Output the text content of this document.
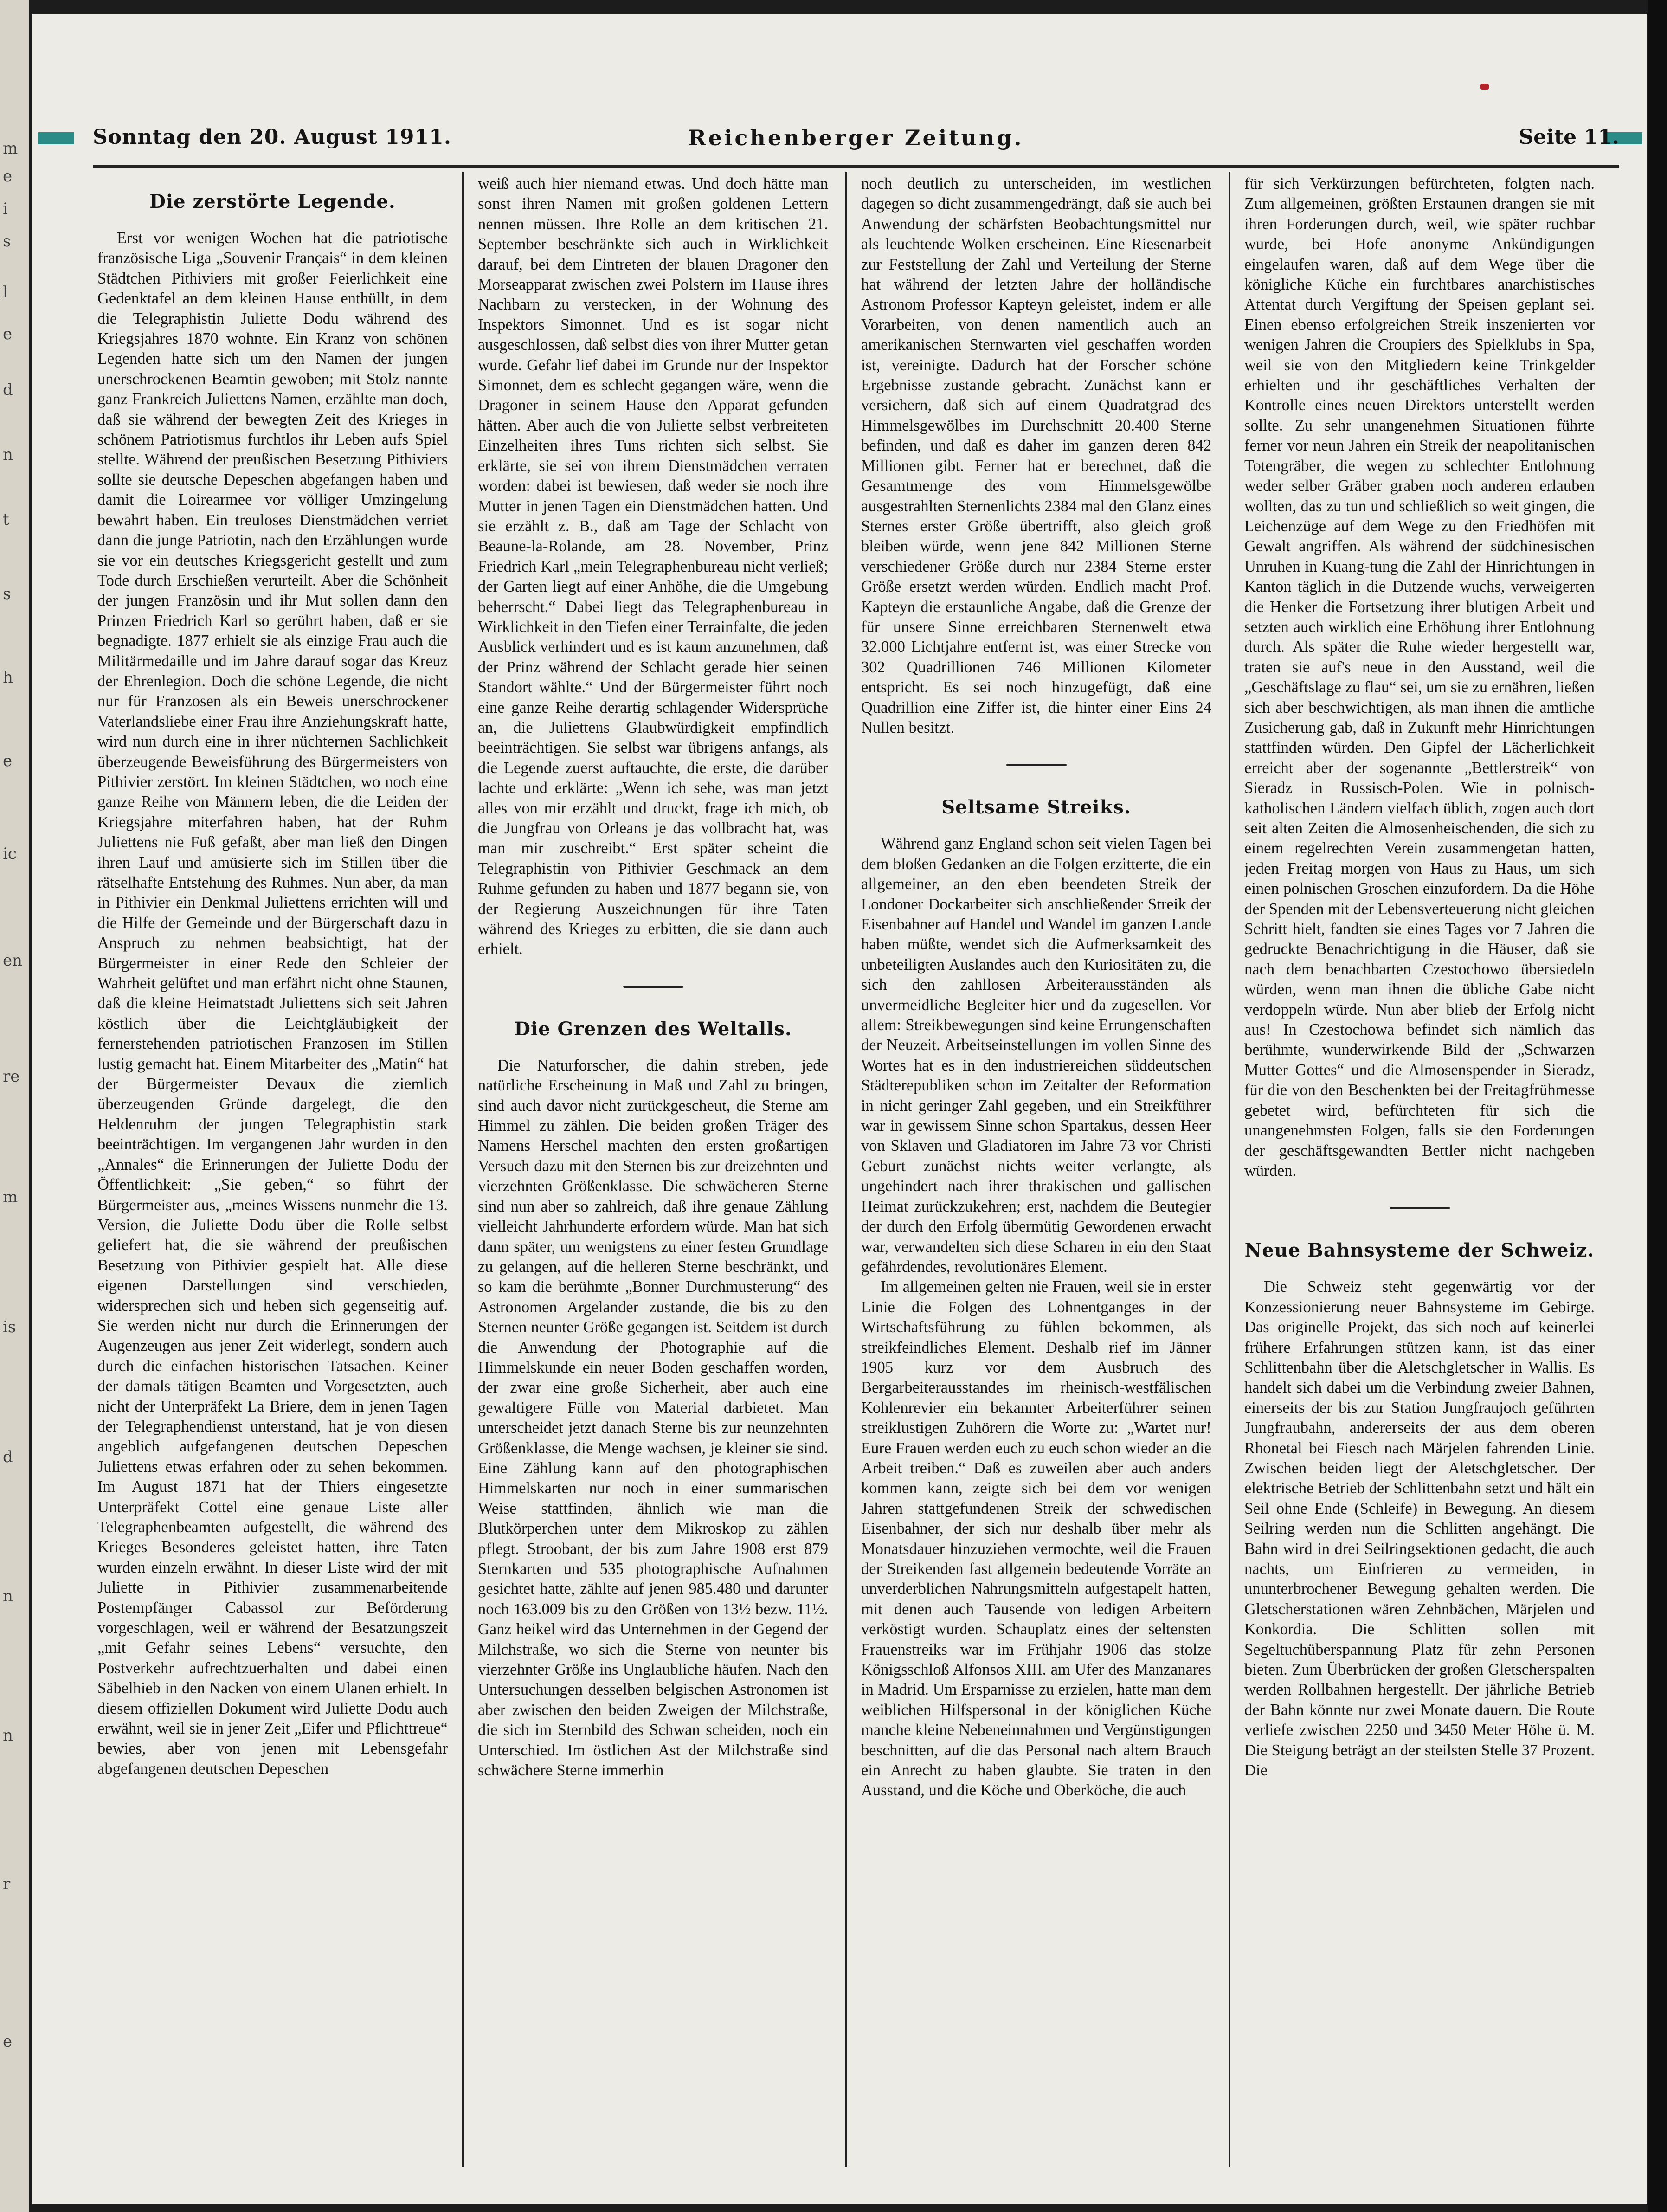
m
e
i
s
l
e
d
n
t
s
h
e
ic
en
re
m
is
d
n
n
r
e
Sonntag den 20. August 1911.	Reichenberger Zeitung.	Seite 11.
Die zerstörte Legende.

Erst vor wenigen Wochen hat die patriotische französische Liga „Souvenir Français“ in dem kleinen Städtchen Pithiviers mit großer Feierlichkeit eine Gedenktafel an dem kleinen Hause enthüllt, in dem die Telegraphistin Juliette Dodu während des Kriegsjahres 1870 wohnte. Ein Kranz von schönen Legenden hatte sich um den Namen der jungen unerschrockenen Beamtin gewoben; mit Stolz nannte ganz Frankreich Juliettens Namen, erzählte man doch, daß sie während der bewegten Zeit des Krieges in schönem Patriotismus furchtlos ihr Leben aufs Spiel stellte. Während der preußischen Besetzung Pithiviers sollte sie deutsche Depeschen abgefangen haben und damit die Loirearmee vor völliger Umzingelung bewahrt haben. Ein treuloses Dienstmädchen verriet dann die junge Patriotin, nach den Erzählungen wurde sie vor ein deutsches Kriegsgericht gestellt und zum Tode durch Erschießen verurteilt. Aber die Schönheit der jungen Französin und ihr Mut sollen dann den Prinzen Friedrich Karl so gerührt haben, daß er sie begnadigte. 1877 erhielt sie als einzige Frau auch die Militärmedaille und im Jahre darauf sogar das Kreuz der Ehrenlegion. Doch die schöne Legende, die nicht nur für Franzosen als ein Beweis unerschrockener Vaterlandsliebe einer Frau ihre Anziehungskraft hatte, wird nun durch eine in ihrer nüchternen Sachlichkeit überzeugende Beweisführung des Bürgermeisters von Pithivier zerstört. Im kleinen Städtchen, wo noch eine ganze Reihe von Männern leben, die die Leiden der Kriegsjahre miterfahren haben, hat der Ruhm Juliettens nie Fuß gefaßt, aber man ließ den Dingen ihren Lauf und amüsierte sich im Stillen über die rätselhafte Entstehung des Ruhmes. Nun aber, da man in Pithivier ein Denkmal Juliettens errichten will und die Hilfe der Gemeinde und der Bürgerschaft dazu in Anspruch zu nehmen beabsichtigt, hat der Bürgermeister in einer Rede den Schleier der Wahrheit gelüftet und man erfährt nicht ohne Staunen, daß die kleine Heimatstadt Juliettens sich seit Jahren köstlich über die Leichtgläubigkeit der fernerstehenden patriotischen Franzosen im Stillen lustig gemacht hat. Einem Mitarbeiter des „Matin“ hat der Bürgermeister Devaux die ziemlich überzeugenden Gründe dargelegt, die den Heldenruhm der jungen Telegraphistin stark beeinträchtigen. Im vergangenen Jahr wurden in den „Annales“ die Erinnerungen der Juliette Dodu der Öffentlichkeit: „Sie geben,“ so führt der Bürgermeister aus, „meines Wissens nunmehr die 13. Version, die Juliette Dodu über die Rolle selbst geliefert hat, die sie während der preußischen Besetzung von Pithivier gespielt hat. Alle diese eigenen Darstellungen sind verschieden, widersprechen sich und heben sich gegenseitig auf. Sie werden nicht nur durch die Erinnerungen der Augenzeugen aus jener Zeit widerlegt, sondern auch durch die einfachen historischen Tatsachen. Keiner der damals tätigen Beamten und Vorgesetzten, auch nicht der Unterpräfekt La Briere, dem in jenen Tagen der Telegraphendienst unterstand, hat je von diesen angeblich aufgefangenen deutschen Depeschen Juliettens etwas erfahren oder zu sehen bekommen. Im August 1871 hat der Thiers eingesetzte Unterpräfekt Cottel eine genaue Liste aller Telegraphenbeamten aufgestellt, die während des Krieges Besonderes geleistet hatten, ihre Taten wurden einzeln erwähnt. In dieser Liste wird der mit Juliette in Pithivier zusammenarbeitende Postempfänger Cabassol zur Beförderung vorgeschlagen, weil er während der Besatzungszeit „mit Gefahr seines Lebens“ versuchte, den Postverkehr aufrechtzuerhalten und dabei einen Säbelhieb in den Nacken von einem Ulanen erhielt. In diesem offiziellen Dokument wird Juliette Dodu auch erwähnt, weil sie in jener Zeit „Eifer und Pflichttreue“ bewies, aber von jenen mit Lebensgefahr abgefangenen deutschen Depeschen

weiß auch hier niemand etwas. Und doch hätte man sonst ihren Namen mit großen goldenen Lettern nennen müssen. Ihre Rolle an dem kritischen 21. September beschränkte sich auch in Wirklichkeit darauf, bei dem Eintreten der blauen Dragoner den Morseapparat zwischen zwei Polstern im Hause ihres Nachbarn zu verstecken, in der Wohnung des Inspektors Simonnet. Und es ist sogar nicht ausgeschlossen, daß selbst dies von ihrer Mutter getan wurde. Gefahr lief dabei im Grunde nur der Inspektor Simonnet, dem es schlecht gegangen wäre, wenn die Dragoner in seinem Hause den Apparat gefunden hätten. Aber auch die von Juliette selbst verbreiteten Einzelheiten ihres Tuns richten sich selbst. Sie erklärte, sie sei von ihrem Dienstmädchen verraten worden: dabei ist bewiesen, daß weder sie noch ihre Mutter in jenen Tagen ein Dienstmädchen hatten. Und sie erzählt z. B., daß am Tage der Schlacht von Beaune-la-Rolande, am 28. November, Prinz Friedrich Karl „mein Telegraphenbureau nicht verließ; der Garten liegt auf einer Anhöhe, die die Umgebung beherrscht.“ Dabei liegt das Telegraphenbureau in Wirklichkeit in den Tiefen einer Terrainfalte, die jeden Ausblick verhindert und es ist kaum anzunehmen, daß der Prinz während der Schlacht gerade hier seinen Standort wählte.“ Und der Bürgermeister führt noch eine ganze Reihe derartig schlagender Widersprüche an, die Juliettens Glaubwürdigkeit empfindlich beeinträchtigen. Sie selbst war übrigens anfangs, als die Legende zuerst auftauchte, die erste, die darüber lachte und erklärte: „Wenn ich sehe, was man jetzt alles von mir erzählt und druckt, frage ich mich, ob die Jungfrau von Orleans je das vollbracht hat, was man mir zuschreibt.“ Erst später scheint die Telegraphistin von Pithivier Geschmack an dem Ruhme gefunden zu haben und 1877 begann sie, von der Regierung Auszeichnungen für ihre Taten während des Krieges zu erbitten, die sie dann auch erhielt.

Die Grenzen des Weltalls.

Die Naturforscher, die dahin streben, jede natürliche Erscheinung in Maß und Zahl zu bringen, sind auch davor nicht zurückgescheut, die Sterne am Himmel zu zählen. Die beiden großen Träger des Namens Herschel machten den ersten großartigen Versuch dazu mit den Sternen bis zur dreizehnten und vierzehnten Größenklasse. Die schwächeren Sterne sind nun aber so zahlreich, daß ihre genaue Zählung vielleicht Jahrhunderte erfordern würde. Man hat sich dann später, um wenigstens zu einer festen Grundlage zu gelangen, auf die helleren Sterne beschränkt, und so kam die berühmte „Bonner Durchmusterung“ des Astronomen Argelander zustande, die bis zu den Sternen neunter Größe gegangen ist. Seitdem ist durch die Anwendung der Photographie auf die Himmelskunde ein neuer Boden geschaffen worden, der zwar eine große Sicherheit, aber auch eine gewaltigere Fülle von Material darbietet. Man unterscheidet jetzt danach Sterne bis zur neunzehnten Größenklasse, die Menge wachsen, je kleiner sie sind. Eine Zählung kann auf den photographischen Himmelskarten nur noch in einer summarischen Weise stattfinden, ähnlich wie man die Blutkörperchen unter dem Mikroskop zu zählen pflegt. Stroobant, der bis zum Jahre 1908 erst 879 Sternkarten und 535 photographische Aufnahmen gesichtet hatte, zählte auf jenen 985.480 und darunter noch 163.009 bis zu den Größen von 13½ bezw. 11½. Ganz heikel wird das Unternehmen in der Gegend der Milchstraße, wo sich die Sterne von neunter bis vierzehnter Größe ins Unglaubliche häufen. Nach den Untersuchungen desselben belgischen Astronomen ist aber zwischen den beiden Zweigen der Milchstraße, die sich im Sternbild des Schwan scheiden, noch ein Unterschied. Im östlichen Ast der Milchstraße sind schwächere Sterne immerhin

noch deutlich zu unterscheiden, im westlichen dagegen so dicht zusammengedrängt, daß sie auch bei Anwendung der schärfsten Beobachtungsmittel nur als leuchtende Wolken erscheinen. Eine Riesenarbeit zur Feststellung der Zahl und Verteilung der Sterne hat während der letzten Jahre der holländische Astronom Professor Kapteyn geleistet, indem er alle Vorarbeiten, von denen namentlich auch an amerikanischen Sternwarten viel geschaffen worden ist, vereinigte. Dadurch hat der Forscher schöne Ergebnisse zustande gebracht. Zunächst kann er versichern, daß sich auf einem Quadratgrad des Himmelsgewölbes im Durchschnitt 20.400 Sterne befinden, und daß es daher im ganzen deren 842 Millionen gibt. Ferner hat er berechnet, daß die Gesamtmenge des vom Himmelsgewölbe ausgestrahlten Sternenlichts 2384 mal den Glanz eines Sternes erster Größe übertrifft, also gleich groß bleiben würde, wenn jene 842 Millionen Sterne verschiedener Größe durch nur 2384 Sterne erster Größe ersetzt werden würden. Endlich macht Prof. Kapteyn die erstaunliche Angabe, daß die Grenze der für unsere Sinne erreichbaren Sternenwelt etwa 32.000 Lichtjahre entfernt ist, was einer Strecke von 302 Quadrillionen 746 Millionen Kilometer entspricht. Es sei noch hinzugefügt, daß eine Quadrillion eine Ziffer ist, die hinter einer Eins 24 Nullen besitzt.

Seltsame Streiks.

Während ganz England schon seit vielen Tagen bei dem bloßen Gedanken an die Folgen erzitterte, die ein allgemeiner, an den eben beendeten Streik der Londoner Dockarbeiter sich anschließender Streik der Eisenbahner auf Handel und Wandel im ganzen Lande haben müßte, wendet sich die Aufmerksamkeit des unbeteiligten Auslandes auch den Kuriositäten zu, die sich den zahllosen Arbeiterausständen als unvermeidliche Begleiter hier und da zugesellen. Vor allem: Streikbewegungen sind keine Errungenschaften der Neuzeit. Arbeitseinstellungen im vollen Sinne des Wortes hat es in den industriereichen süddeutschen Städterepubliken schon im Zeitalter der Reformation in nicht geringer Zahl gegeben, und ein Streikführer war in gewissem Sinne schon Spartakus, dessen Heer von Sklaven und Gladiatoren im Jahre 73 vor Christi Geburt zunächst nichts weiter verlangte, als ungehindert nach ihrer thrakischen und gallischen Heimat zurückzukehren; erst, nachdem die Beutegier der durch den Erfolg übermütig Gewordenen erwacht war, verwandelten sich diese Scharen in ein den Staat gefährdendes, revolutionäres Element.

Im allgemeinen gelten nie Frauen, weil sie in erster Linie die Folgen des Lohnentganges in der Wirtschaftsführung zu fühlen bekommen, als streikfeindliches Element. Deshalb rief im Jänner 1905 kurz vor dem Ausbruch des Bergarbeiterausstandes im rheinisch-westfälischen Kohlenrevier ein bekannter Arbeiterführer seinen streiklustigen Zuhörern die Worte zu: „Wartet nur! Eure Frauen werden euch zu euch schon wieder an die Arbeit treiben.“ Daß es zuweilen aber auch anders kommen kann, zeigte sich bei dem vor wenigen Jahren stattgefundenen Streik der schwedischen Eisenbahner, der sich nur deshalb über mehr als Monatsdauer hinzuziehen vermochte, weil die Frauen der Streikenden fast allgemein bedeutende Vorräte an unverderblichen Nahrungsmitteln aufgestapelt hatten, mit denen auch Tausende von ledigen Arbeitern verköstigt wurden. Schauplatz eines der seltensten Frauenstreiks war im Frühjahr 1906 das stolze Königsschloß Alfonsos XIII. am Ufer des Manzanares in Madrid. Um Ersparnisse zu erzielen, hatte man dem weiblichen Hilfspersonal in der königlichen Küche manche kleine Nebeneinnahmen und Vergünstigungen beschnitten, auf die das Personal nach altem Brauch ein Anrecht zu haben glaubte. Sie traten in den Ausstand, und die Köche und Oberköche, die auch

für sich Verkürzungen befürchteten, folgten nach. Zum allgemeinen, größten Erstaunen drangen sie mit ihren Forderungen durch, weil, wie später ruchbar wurde, bei Hofe anonyme Ankündigungen eingelaufen waren, daß auf dem Wege über die königliche Küche ein furchtbares anarchistisches Attentat durch Vergiftung der Speisen geplant sei. Einen ebenso erfolgreichen Streik inszenierten vor wenigen Jahren die Croupiers des Spielklubs in Spa, weil sie von den Mitgliedern keine Trinkgelder erhielten und ihr geschäftliches Verhalten der Kontrolle eines neuen Direktors unterstellt werden sollte. Zu sehr unangenehmen Situationen führte ferner vor neun Jahren ein Streik der neapolitanischen Totengräber, die wegen zu schlechter Entlohnung weder selber Gräber graben noch anderen erlauben wollten, das zu tun und schließlich so weit gingen, die Leichenzüge auf dem Wege zu den Friedhöfen mit Gewalt angriffen. Als während der südchinesischen Unruhen in Kuang-tung die Zahl der Hinrichtungen in Kanton täglich in die Dutzende wuchs, verweigerten die Henker die Fortsetzung ihrer blutigen Arbeit und setzten auch wirklich eine Erhöhung ihrer Entlohnung durch. Als später die Ruhe wieder hergestellt war, traten sie auf's neue in den Ausstand, weil die „Geschäftslage zu flau“ sei, um sie zu ernähren, ließen sich aber beschwichtigen, als man ihnen die amtliche Zusicherung gab, daß in Zukunft mehr Hinrichtungen stattfinden würden. Den Gipfel der Lächerlichkeit erreicht aber der sogenannte „Bettlerstreik“ von Sieradz in Russisch-Polen. Wie in polnisch-katholischen Ländern vielfach üblich, zogen auch dort seit alten Zeiten die Almosenheischenden, die sich zu einem regelrechten Verein zusammengetan hatten, jeden Freitag morgen von Haus zu Haus, um sich einen polnischen Groschen einzufordern. Da die Höhe der Spenden mit der Lebensverteuerung nicht gleichen Schritt hielt, fandten sie eines Tages vor 7 Jahren die gedruckte Benachrichtigung in die Häuser, daß sie nach dem benachbarten Czestochowo übersiedeln würden, wenn man ihnen die übliche Gabe nicht verdoppeln würde. Nun aber blieb der Erfolg nicht aus! In Czestochowa befindet sich nämlich das berühmte, wunderwirkende Bild der „Schwarzen Mutter Gottes“ und die Almosenspender in Sieradz, für die von den Beschenkten bei der Freitagfrühmesse gebetet wird, befürchteten für sich die unangenehmsten Folgen, falls sie den Forderungen der geschäftsgewandten Bettler nicht nachgeben würden.

Neue Bahnsysteme der Schweiz.

Die Schweiz steht gegenwärtig vor der Konzessionierung neuer Bahnsysteme im Gebirge. Das originelle Projekt, das sich noch auf keinerlei frühere Erfahrungen stützen kann, ist das einer Schlittenbahn über die Aletschgletscher in Wallis. Es handelt sich dabei um die Verbindung zweier Bahnen, einerseits der bis zur Station Jungfraujoch geführten Jungfraubahn, andererseits der aus dem oberen Rhonetal bei Fiesch nach Märjelen fahrenden Linie. Zwischen beiden liegt der Aletschgletscher. Der elektrische Betrieb der Schlittenbahn setzt und hält ein Seil ohne Ende (Schleife) in Bewegung. An diesem Seilring werden nun die Schlitten angehängt. Die Bahn wird in drei Seilringsektionen gedacht, die auch nachts, um Einfrieren zu vermeiden, in ununterbrochener Bewegung gehalten werden. Die Gletscherstationen wären Zehnbächen, Märjelen und Konkordia. Die Schlitten sollen mit Segeltuchüberspannung Platz für zehn Personen bieten. Zum Überbrücken der großen Gletscherspalten werden Rollbahnen hergestellt. Der jährliche Betrieb der Bahn könnte nur zwei Monate dauern. Die Route verliefe zwischen 2250 und 3450 Meter Höhe ü. M. Die Steigung beträgt an der steilsten Stelle 37 Prozent. Die
